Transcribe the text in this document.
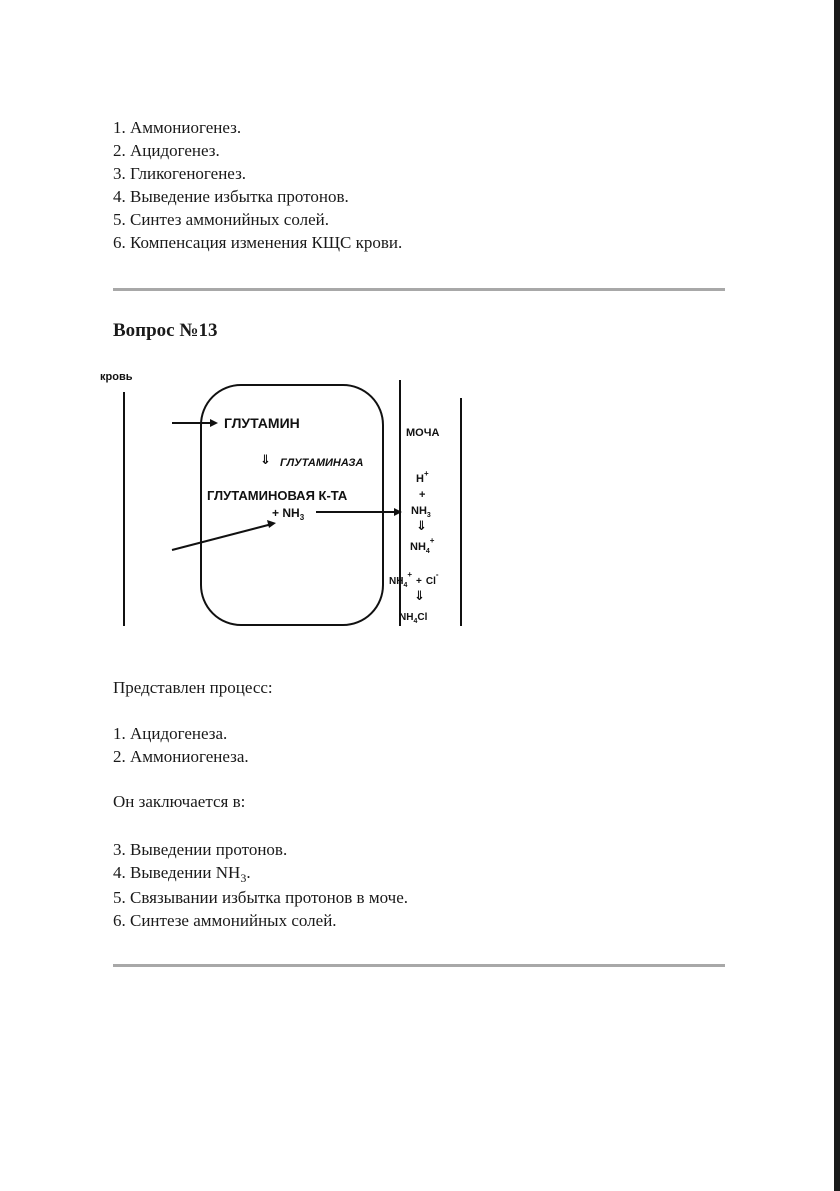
1. Аммониогенез.
2. Ацидогенез.
3. Гликогеногенез.
4. Выведение избытка протонов.
5. Синтез аммонийных солей.
6. Компенсация изменения КЩС крови.
Вопрос №13
кровь
ГЛУТАМИН
МОЧА
⇓ ГЛУТАМИНАЗА
ГЛУТАМИНОВАЯ К-ТА
+ $NH_3$
H+
+
$NH_3$
⇓
$NH_4^+$
$NH_4^++ Cl^-$
⇓
$NH_4Cl$

Представлен процесс:

1. Ацидогенеза.
2. Аммониогенеза.

Он заключается в:

3. Выведении протонов.
4. Выведении $NH_3$.
5. Связывании избытка протонов в моче.
6. Синтезе аммонийных солей.
